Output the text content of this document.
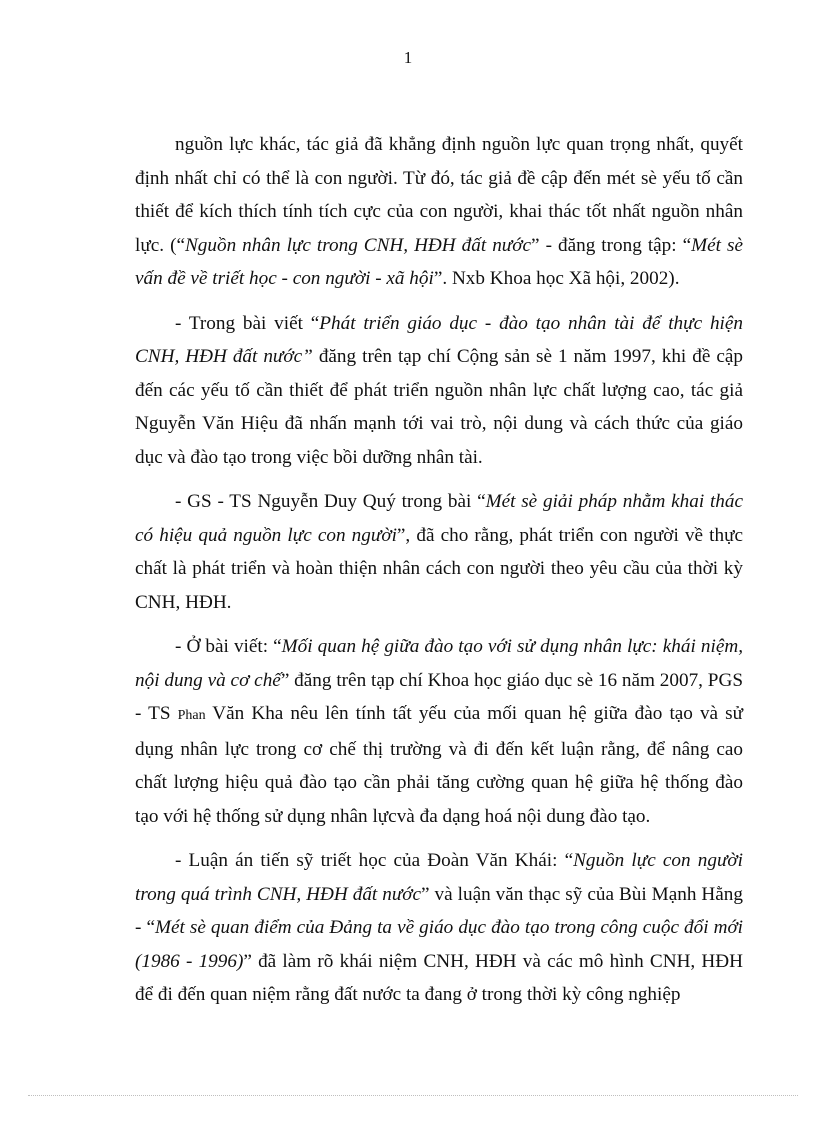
1

nguồn lực khác, tác giả đã khẳng định nguồn lực quan trọng nhất, quyết định nhất chỉ có thể là con người. Từ đó, tác giả đề cập đến mét sè yếu tố cần thiết để kích thích tính tích cực của con người, khai thác tốt nhất nguồn nhân lực. (“Nguồn nhân lực trong CNH, HĐH đất nước” - đăng trong tập: “Mét sè vấn đề về triết học - con người - xã hội”. Nxb Khoa học Xã hội, 2002).

- Trong bài viết “Phát triển giáo dục - đào tạo nhân tài để thực hiện CNH, HĐH đất nước” đăng trên tạp chí Cộng sản sè 1 năm 1997, khi đề cập đến các yếu tố cần thiết để phát triển nguồn nhân lực chất lượng cao, tác giả Nguyễn Văn Hiệu đã nhấn mạnh tới vai trò, nội dung và cách thức của giáo dục và đào tạo trong việc bồi dưỡng nhân tài.

- GS - TS Nguyễn Duy Quý trong bài “Mét sè giải pháp nhằm khai thác có hiệu quả nguồn lực con người”, đã cho rằng, phát triển con người về thực chất là phát triển và hoàn thiện nhân cách con người theo yêu cầu của thời kỳ CNH, HĐH.

- Ở bài viết: “Mối quan hệ giữa đào tạo với sử dụng nhân lực: khái niệm, nội dung và cơ chế” đăng trên tạp chí Khoa học giáo dục sè 16 năm 2007, PGS - TS Phan Văn Kha nêu lên tính tất yếu của mối quan hệ giữa đào tạo và sử dụng nhân lực trong cơ chế thị trường và đi đến kết luận rằng, để nâng cao chất lượng hiệu quả đào tạo cần phải tăng cường quan hệ giữa hệ thống đào tạo với hệ thống sử dụng nhân lựcvà đa dạng hoá nội dung đào tạo.

- Luận án tiến sỹ triết học của Đoàn Văn Khái: “Nguồn lực con người trong quá trình CNH, HĐH đất nước” và luận văn thạc sỹ của Bùi Mạnh Hằng - “Mét sè quan điểm của Đảng ta về giáo dục đào tạo trong công cuộc đổi mới (1986 - 1996)” đã làm rõ khái niệm CNH, HĐH và các mô hình CNH, HĐH để đi đến quan niệm rằng đất nước ta đang ở trong thời kỳ công nghiệp
